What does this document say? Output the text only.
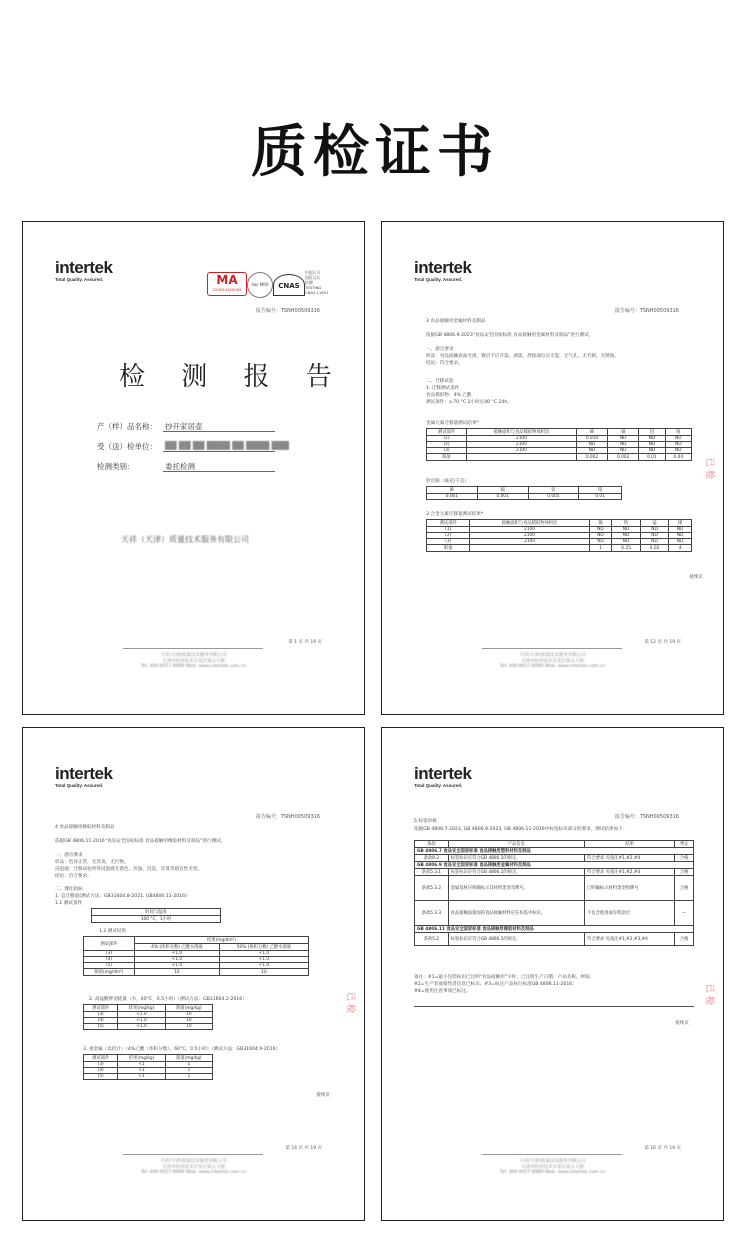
质检证书
intertek
Total Quality. Assured.	MA
220020340095
ilac-MRA	CNAS
中国认可
国际互认
检测
TESTING
CNAS L1651
报告编号：TSNH00509316
检 测 报 告
产（样）品名称： 抄开家居壶
受（送）检单位： ██ ██ ██ ████ ██ ████ ███
检测类别：	委托检测
天祥（天津）质量技术服务有限公司
第 1 页 共 19 页
天祥(天津)质量技术服务有限公司
天津市经济技术开发区第五大街
Tel: 400-6017-8989 Web: www.intertek.com.cn
intertek
Total Quality. Assured.
报告编号：TSNH00509316
3 食品接触用金属材料及制品
依据GB 4806.9-2023"食品安全国家标准 食品接触用金属材料及制品"进行测试。
一、感官要求
样品：食品接触表面光滑，镀层不应开裂、剥落，焊接部位应无裂，无气孔，无毛刺，无锈蚀。
结论：符合要求。
二、迁移试验
1. 迁移测试条件
食品模拟物：4% 乙酸
测试条件：a 70 °C 2小时后40 °C 24h。
金属元素迁移量测试结果*
测试部件	接触面积与食品模拟物体积比	砷	镉	铅	铬
(1)	2100	0.010	ND	ND	ND
(2)	2100	ND	ND	ND	ND
(3)	2100	ND	ND	ND	ND
限值		0.002	0.002	0.01	0.04
检出限（毫克/千克）
砷	镉	铅	铬
0.001	0.001	0.005	0.01
3 合金元素迁移量测试结果*
测试部件	接触面积与食品模拟物体积比	镍	铁	锰	锑
(1)	2100	ND	ND	ND	ND
(2)	2100	ND	ND	ND	ND
(3)	2100	ND	ND	ND	ND
限值		1	0.25	0.02	4
接续页
已 检
第 12 页 共 19 页
天祥(天津)质量技术服务有限公司
天津市经济技术开发区第五大街
Tel: 400-6017-8989 Web: www.intertek.com.cn
intertek
Total Quality. Assured.
报告编号：TSNH00509316
4 食品接触用橡胶材料及制品
依据GB 4806.11-2016"食品安全国家标准 食品接触用橡胶材料及制品"进行测试。
一、感官要求
样品：色泽正常，无异臭，无污物。
浸泡液：迁移试验所得浸泡液无着色、浑浊、沉淀，异臭等感官性劣变。
结论：符合要求。
二、理化指标
1. 总迁移量(测试方法：GB31604.8-2021, GB4806.11-2016)
1.1 测试条件
时间与温度
100 °C，1小时
1.2 测试结果
测试部件	结果(mg/dm²)	
	4% (体积分数) 乙酸水溶液	50% (体积分数) 乙醇水溶液
(3)	<1.0	<1.0
(4)	<1.0	<1.0
(5)	<1.0	<1.0
限值(mg/dm²)	10	10
2. 高锰酸钾消耗量（水，60°C，0.5小时）（测试方法：GB31604.2-2016）
测试部件	结果(mg/kg)	限值(mg/kg)
(3)	<1.0	10
(4)	<1.0	10
(5)	<1.0	10
3. 重金属（以铅计）（4%乙酸（体积分数），60°C，0.5小时）（测试方法：GB31604.9-2016）
测试部件	结果(mg/kg)	限值(mg/kg)
(3)	<1	1
(4)	<1	1
(5)	<1	1
接续页
已 检
第 14 页 共 19 页
天祥(天津)质量技术服务有限公司
天津市经济技术开发区第五大街
Tel: 400-6017-8989 Web: www.intertek.com.cn
intertek
Total Quality. Assured.
报告编号：TSNH00509316
5 标签审核
依据GB 4806.7-2023, GB 4806.9-2023, GB 4806.11-2016中标签标识部分的要求，测试结果如下：
条款	产品信息	结果	判定
GB 4806.7 食品安全国家标准 食品接触用塑料材料及制品			
条款8.2	标签标识应符合GB 4806.1的规定。	符合要求 见备注#1,#2,#4	合格
GB 4806.9 食品安全国家标准 食品接触用金属材料及制品			
条款5.3.1	标签标识应符合GB 4806.1的规定。	符合要求 见备注#1,#2,#4	合格
条款5.3.2	金属基材应明确标示其材料类型及牌号。	已明确标示材料类型和牌号	合格
条款5.3.3	食品接触面施加的食品接触材料应在标签中标识。	不包含使用或有机涂层	—
GB 4806.11 食品安全国家标准 食品接触用橡胶材料及制品			
条款5.2	标签标识应符合GB 4806.1的规定。	符合要求 见备注#1,#2,#3,#4	合格
备注：#1=最小包装标识已注明"食品接触用"字样；已注明生产日期，产品名称、材质；
#2=生产者或销售者信息已标识；#3=标注产品执行标准GB 4806.11-2016；
#4=使用注意事项已标注。
接续页
已 检
第 16 页 共 19 页
天祥(天津)质量技术服务有限公司
天津市经济技术开发区第五大街
Tel: 400-6017-8989 Web: www.intertek.com.cn
